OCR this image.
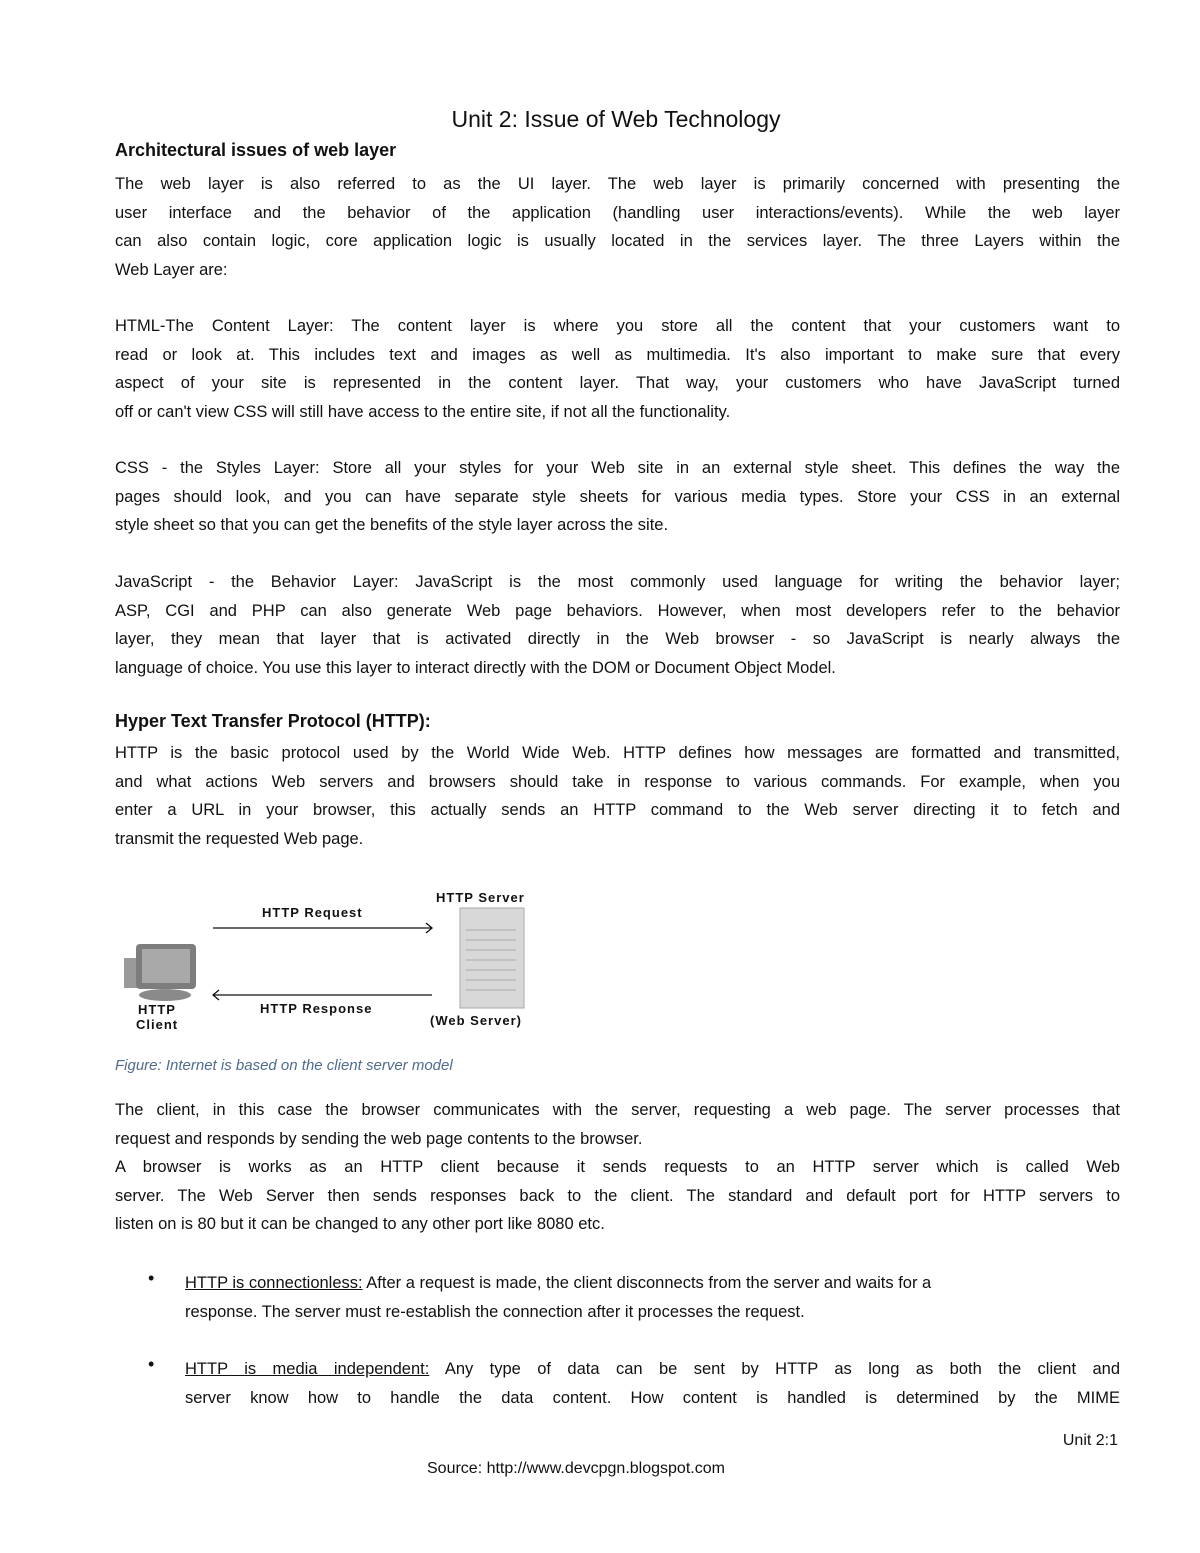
Unit 2: Issue of Web Technology
Architectural issues of web layer
The web layer is also referred to as the UI layer. The web layer is primarily concerned with presenting the
user interface and the behavior of the application (handling user interactions/events). While the web layer
can also contain logic, core application logic is usually located in the services layer. The three Layers within the
Web Layer are:
HTML-The Content Layer: The content layer is where you store all the content that your customers want to
read or look at. This includes text and images as well as multimedia. It's also important to make sure that every
aspect of your site is represented in the content layer. That way, your customers who have JavaScript turned
off or can't view CSS will still have access to the entire site, if not all the functionality.
CSS - the Styles Layer: Store all your styles for your Web site in an external style sheet. This defines the way the
pages should look, and you can have separate style sheets for various media types. Store your CSS in an external
style sheet so that you can get the benefits of the style layer across the site.
JavaScript - the Behavior Layer: JavaScript is the most commonly used language for writing the behavior layer;
ASP, CGI and PHP can also generate Web page behaviors. However, when most developers refer to the behavior
layer, they mean that layer that is activated directly in the Web browser - so JavaScript is nearly always the
language of choice. You use this layer to interact directly with the DOM or Document Object Model.
Hyper Text Transfer Protocol (HTTP):
HTTP is the basic protocol used by the World Wide Web. HTTP defines how messages are formatted and transmitted,
and what actions Web servers and browsers should take in response to various commands. For example, when you
enter a URL in your browser, this actually sends an HTTP command to the Web server directing it to fetch and
transmit the requested Web page.
HTTP Request
HTTP Response
HTTP Server
(Web Server)
HTTP
Client
Figure: Internet is based on the client server model
The client, in this case the browser communicates with the server, requesting a web page. The server processes that
request and responds by sending the web page contents to the browser.
A browser is works as an HTTP client because it sends requests to an HTTP server which is called Web
server. The Web Server then sends responses back to the client. The standard and default port for HTTP servers to
listen on is 80 but it can be changed to any other port like 8080 etc.
• HTTP is connectionless: After a request is made, the client disconnects from the server and waits for a
response. The server must re-establish the connection after it processes the request.
• HTTP is media independent: Any type of data can be sent by HTTP as long as both the client and
server know how to handle the data content. How content is handled is determined by the MIME
Unit 2:1
Source: http://www.devcpgn.blogspot.com
